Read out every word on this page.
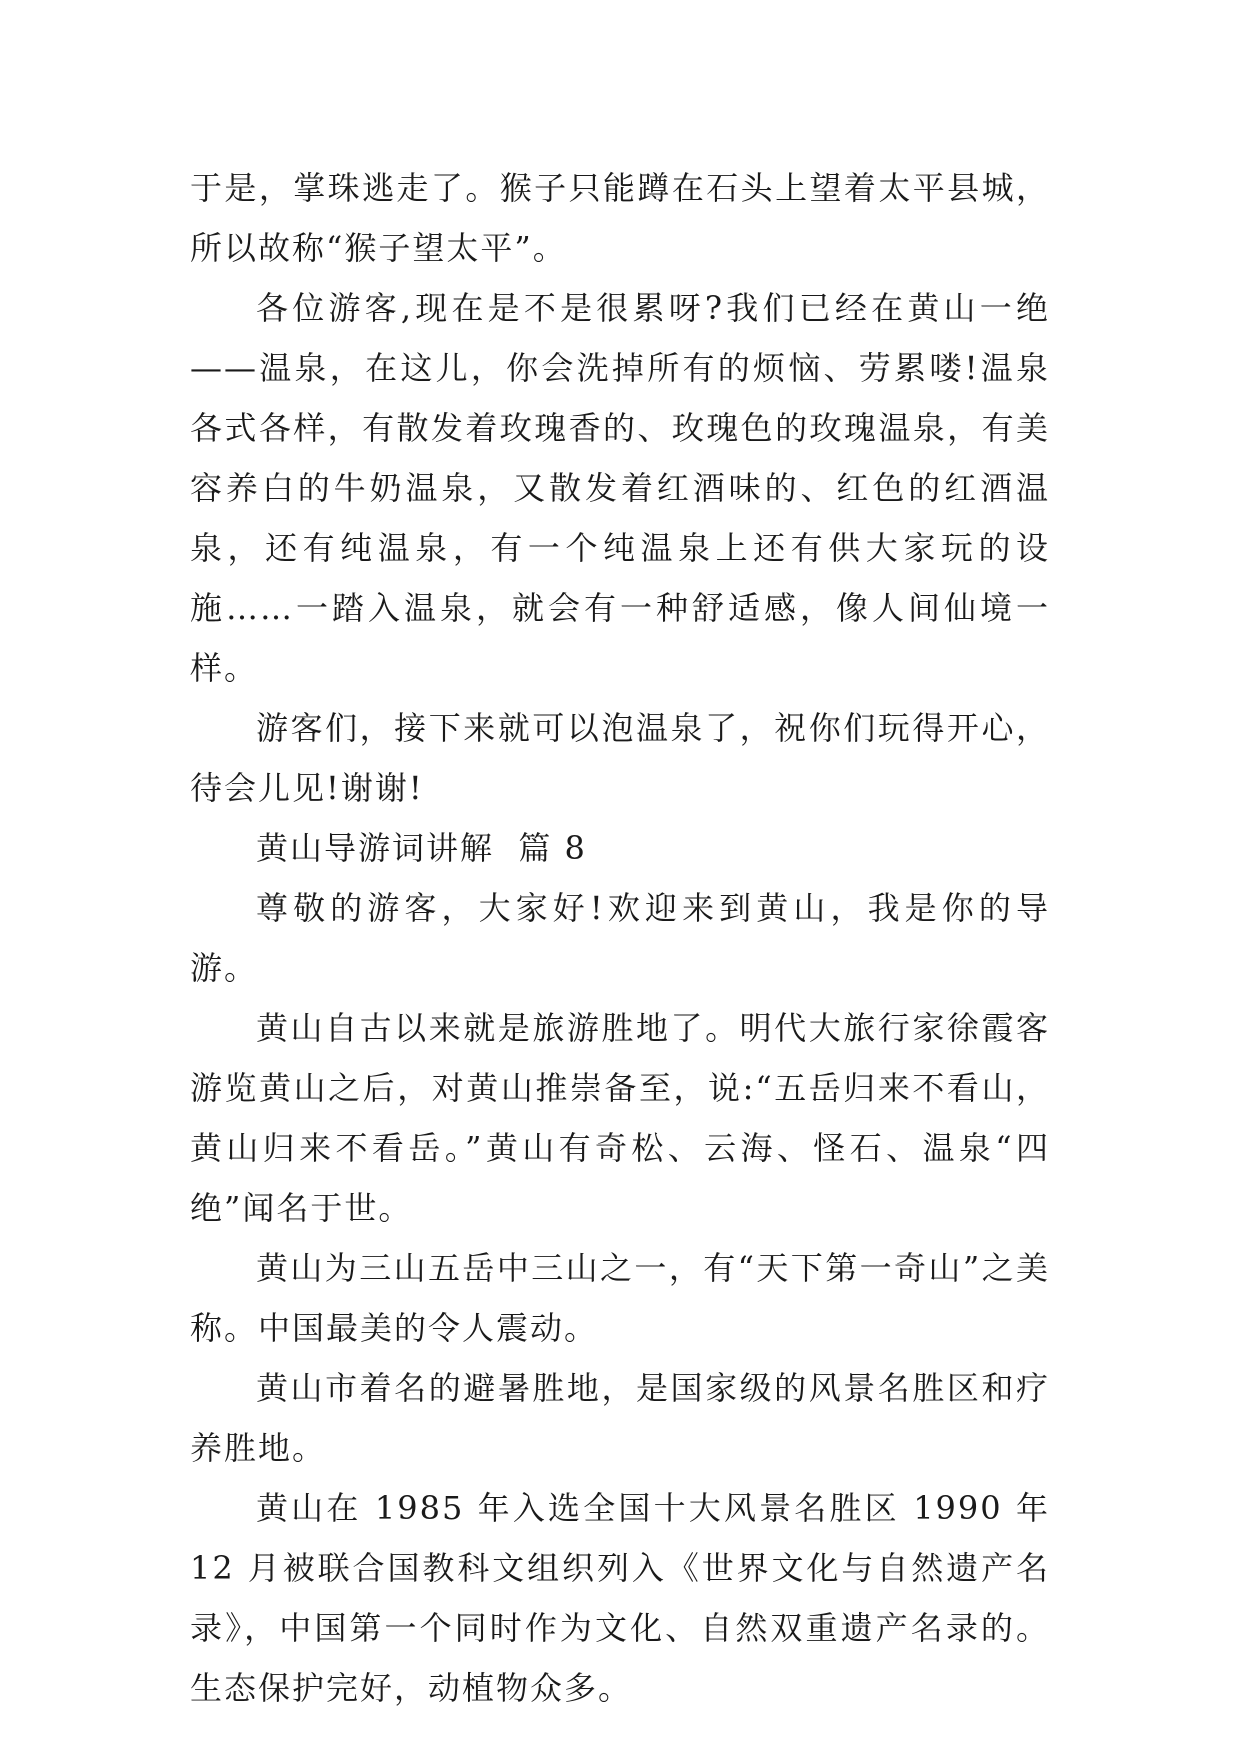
于是，掌珠逃走了。猴子只能蹲在石头上望着太平县城，所以故称“猴子望太平”。

各位游客,现在是不是很累呀?我们已经在黄山一绝——温泉，在这儿，你会洗掉所有的烦恼、劳累喽!温泉各式各样，有散发着玫瑰香的、玫瑰色的玫瑰温泉，有美容养白的牛奶温泉，又散发着红酒味的、红色的红酒温泉，还有纯温泉，有一个纯温泉上还有供大家玩的设施……一踏入温泉，就会有一种舒适感，像人间仙境一样。

游客们，接下来就可以泡温泉了，祝你们玩得开心，待会儿见!谢谢!

黄山导游词讲解  篇 8

尊敬的游客，大家好!欢迎来到黄山，我是你的导游。

黄山自古以来就是旅游胜地了。明代大旅行家徐霞客游览黄山之后，对黄山推崇备至，说:“五岳归来不看山，黄山归来不看岳。”黄山有奇松、云海、怪石、温泉“四绝”闻名于世。

黄山为三山五岳中三山之一，有“天下第一奇山”之美称。中国最美的令人震动。

黄山市着名的避暑胜地，是国家级的风景名胜区和疗养胜地。

黄山在 1985 年入选全国十大风景名胜区 1990 年 12 月被联合国教科文组织列入《世界文化与自然遗产名录》，中国第一个同时作为文化、自然双重遗产名录的。生态保护完好，动植物众多。
